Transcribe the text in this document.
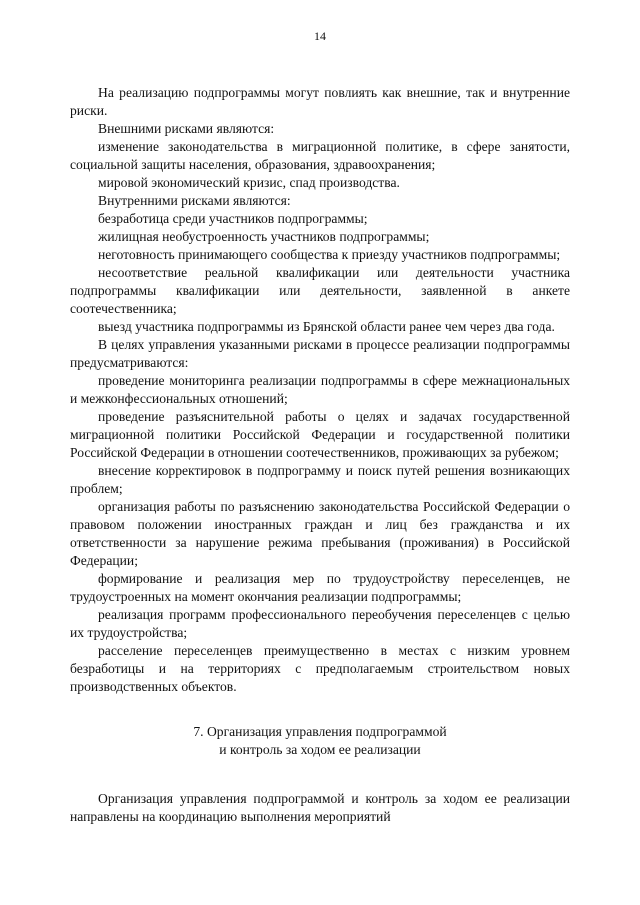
14

На реализацию подпрограммы могут повлиять как внешние, так и внутренние риски.

Внешними рисками являются:

изменение законодательства в миграционной политике, в сфере занятости, социальной защиты населения, образования, здравоохранения;

мировой экономический кризис, спад производства.

Внутренними рисками являются:

безработица среди участников подпрограммы;

жилищная необустроенность участников подпрограммы;

неготовность принимающего сообщества к приезду участников подпрограммы;

несоответствие реальной квалификации или деятельности участника подпрограммы квалификации или деятельности, заявленной в анкете соотечественника;

выезд участника подпрограммы из Брянской области ранее чем через два года.

В целях управления указанными рисками в процессе реализации подпрограммы предусматриваются:

проведение мониторинга реализации подпрограммы в сфере межнациональных и межконфессиональных отношений;

проведение разъяснительной работы о целях и задачах государственной миграционной политики Российской Федерации и государственной политики Российской Федерации в отношении соотечественников, проживающих за рубежом;

внесение корректировок в подпрограмму и поиск путей решения возникающих проблем;

организация работы по разъяснению законодательства Российской Федерации о правовом положении иностранных граждан и лиц без гражданства и их ответственности за нарушение режима пребывания (проживания) в Российской Федерации;

формирование и реализация мер по трудоустройству переселенцев, не трудоустроенных на момент окончания реализации подпрограммы;

реализация программ профессионального переобучения переселенцев с целью их трудоустройства;

расселение переселенцев преимущественно в местах с низким уровнем безработицы и на территориях с предполагаемым строительством новых производственных объектов.

7. Организация управления подпрограммой
и контроль за ходом ее реализации

Организация управления подпрограммой и контроль за ходом ее реализации направлены на координацию выполнения мероприятий
